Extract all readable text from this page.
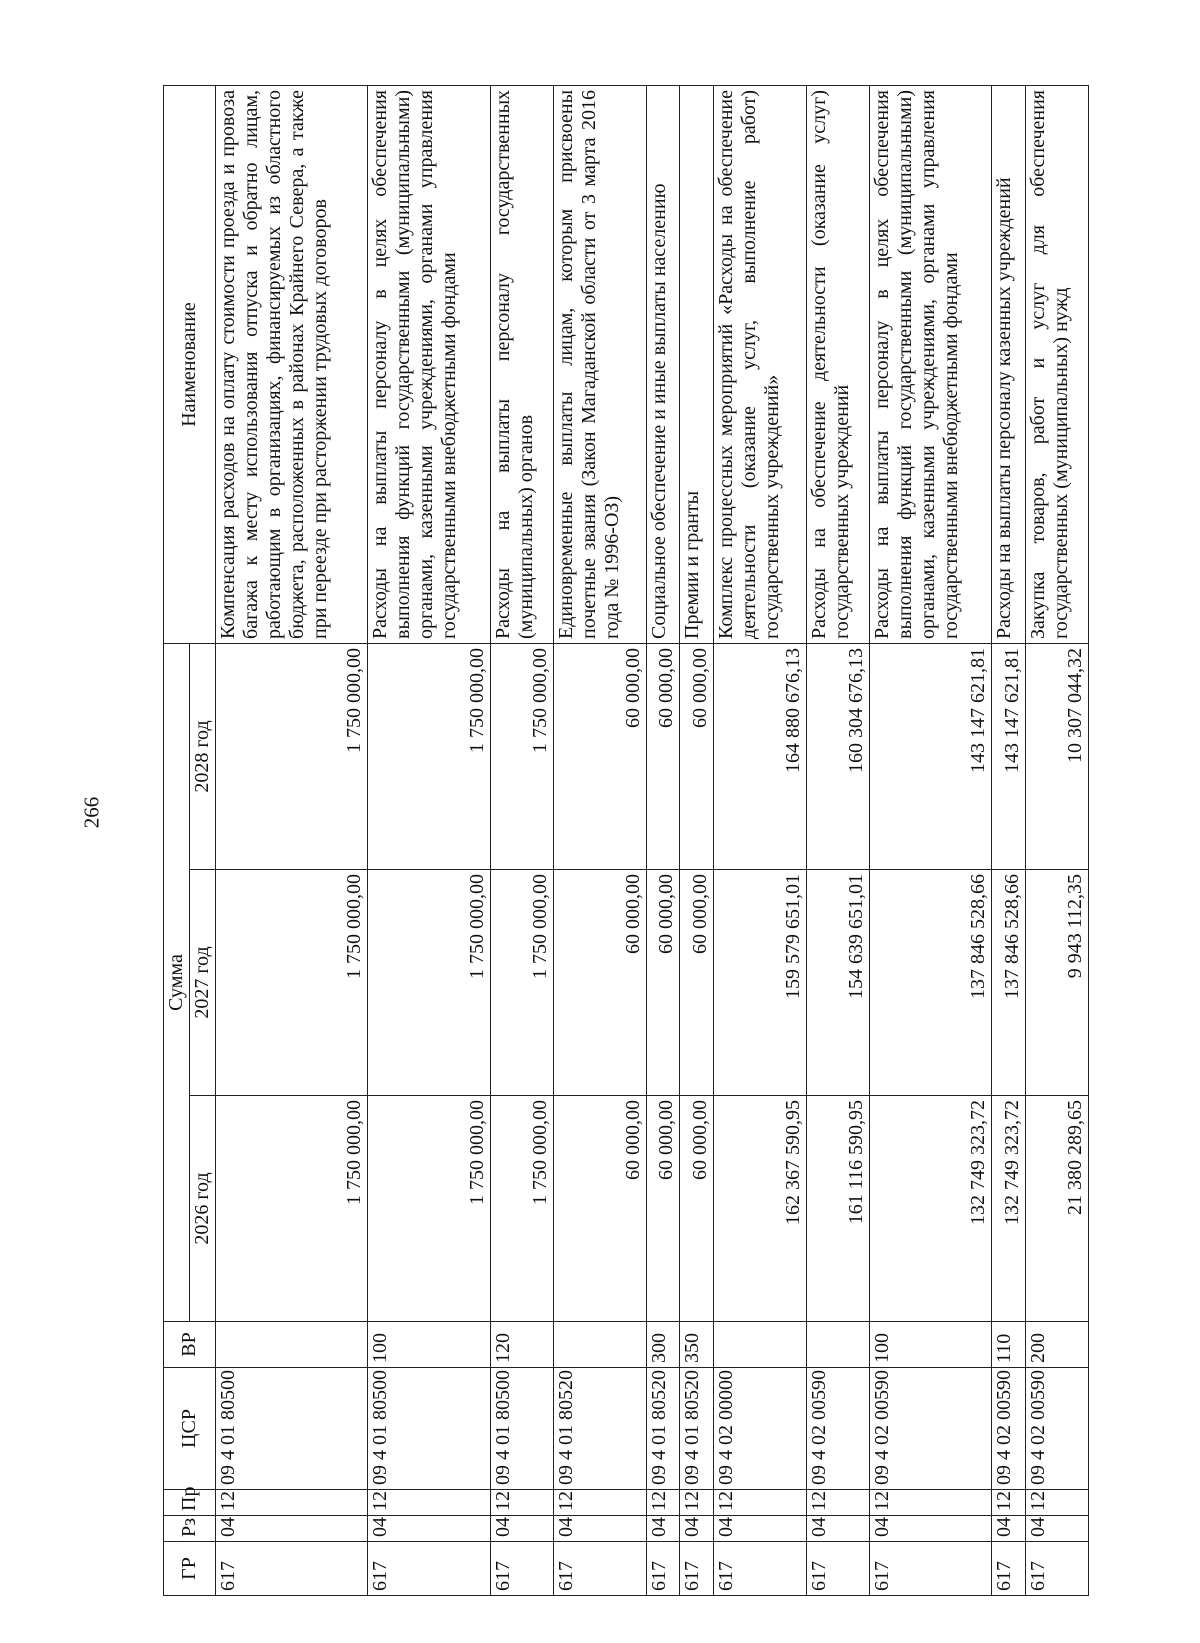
266
ГР	Рз	Пр	ЦСР	ВР	Сумма			Наименование
					2026 год	2027 год	2028 год	
617	04	12	09 4 01 80500		1 750 000,00	1 750 000,00	1 750 000,00	Компенсация расходов на оплату стоимости проезда и провоза багажа к месту использования отпуска и обратно лицам, работающим в организациях, финансируемых из областного бюджета, расположенных в районах Крайнего Севера, а также при переезде при расторжении трудовых договоров
617	04	12	09 4 01 80500	100	1 750 000,00	1 750 000,00	1 750 000,00	Расходы на выплаты персоналу в целях обеспечения выполнения функций государственными (муниципальными) органами, казенными учреждениями, органами управления государственными внебюджетными фондами
617	04	12	09 4 01 80500	120	1 750 000,00	1 750 000,00	1 750 000,00	Расходы на выплаты персоналу государственных (муниципальных) органов
617	04	12	09 4 01 80520		60 000,00	60 000,00	60 000,00	Единовременные выплаты лицам, которым присвоены почетные звания (Закон Магаданской области от 3 марта 2016 года № 1996-ОЗ)
617	04	12	09 4 01 80520	300	60 000,00	60 000,00	60 000,00	Социальное обеспечение и иные выплаты населению
617	04	12	09 4 01 80520	350	60 000,00	60 000,00	60 000,00	Премии и гранты
617	04	12	09 4 02 00000		162 367 590,95	159 579 651,01	164 880 676,13	Комплекс процессных мероприятий «Расходы на обеспечение деятельности (оказание услуг, выполнение работ) государственных учреждений»
617	04	12	09 4 02 00590		161 116 590,95	154 639 651,01	160 304 676,13	Расходы на обеспечение деятельности (оказание услуг) государственных учреждений
617	04	12	09 4 02 00590	100	132 749 323,72	137 846 528,66	143 147 621,81	Расходы на выплаты персоналу в целях обеспечения выполнения функций государственными (муниципальными) органами, казенными учреждениями, органами управления государственными внебюджетными фондами
617	04	12	09 4 02 00590	110	132 749 323,72	137 846 528,66	143 147 621,81	Расходы на выплаты персоналу казенных учреждений
617	04	12	09 4 02 00590	200	21 380 289,65	9 943 112,35	10 307 044,32	Закупка товаров, работ и услуг для обеспечения государственных (муниципальных) нужд
